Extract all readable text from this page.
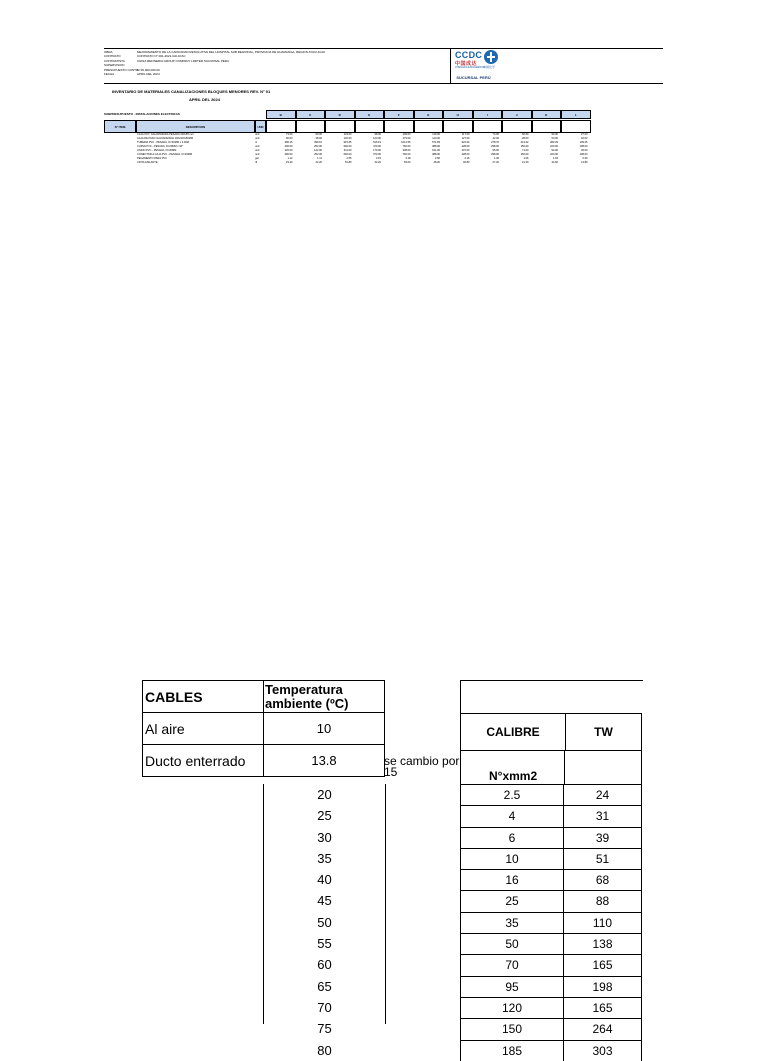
OBRA	MEJORAMIENTO DE LA CAPACIDAD RESOLUTIVA DEL HOSPITAL SUB REGIONAL, PROVINCIA DE HUAMANGA, REGION AYACUCHO
CONTRATO	CONTRATO N° 001-2021-GR-AYAC
CONTRATISTA	CHINA REFINERIA GROUP COMPANY LIMITED SUCURSAL PERU
SUPERVISION
PRESUPUESTO CONTR.
S/ 00,000,000.00
FECHA	APRIL DEL 2024
CCDC
中国成达
CHENGDA ENGINEERING
中国化学
SUCURSAL PERÚ
INVENTARIO DE MATERIALES CANALIZACIONES BLOQUES MENORES REV. N° 01
APRIL DEL 2024
SUBPRESUPUESTO - INSTALACIONES ELECTRICAS	B	C	D	E	F	G	H	I	J	K	L
N° ITEM	DESCRIPCION	UND
CAJA OCT. GALVANIZADA PESADA 100x55 mm	und	73.00	69.00	123.00	98.00	199.00	119.00	117.00	74.00	60.00	93.00	27.00
CAJA DE PASO GALVANIZADA 100x100x50MM	und	90.00	48.00	132.00	123.00	279.00	113.00	127.00	42.00	28.00	53.00	42.00
TUBERIA PVC - PESADA, D=20MM x 3.00M	m	380.15	390.10	915.65	516.19	1014.65	571.83	622.64	278.70	213.22	282.29	109.25
CURVA PVC - PESADA, D=20MM x 90°	und	290.00	252.00	692.00	370.00	760.00	388.00	428.00	298.00	150.00	220.00	108.00
UNION PVC - PESADA, D=20MM	und	120.00	122.00	311.00	170.00	338.00	191.00	207.00	95.00	71.00	94.00	36.00
CONECTOR A CAJA PVC - PESADA, D=20MM	und	290.00	252.00	692.00	370.00	760.00	388.00	428.00	298.00	150.00	220.00	108.00
PEGAMENTO PARA PVC	gal	1.12	1.11	2.55	2.15	3.18	2.50	2.16	1.36	1.06	1.63	0.49
CINTA AISLANTE	rll	23.40	22.20	51.80	42.20	83.00	48.20	46.80	27.20	21.20	34.60	13.80
CABLES	Temperatura ambiente (ºC)
Al aire	10
Ducto enterrado	13.8	se cambio por 15
20
25
30
35
40
45
50
55
60
65
70
75
80
CALIBRE	TW
N°xmm2
2.5	24
4	31
6	39
10	51
16	68
25	88
35	110
50	138
70	165
95	198
120	165
150	264
185	303
